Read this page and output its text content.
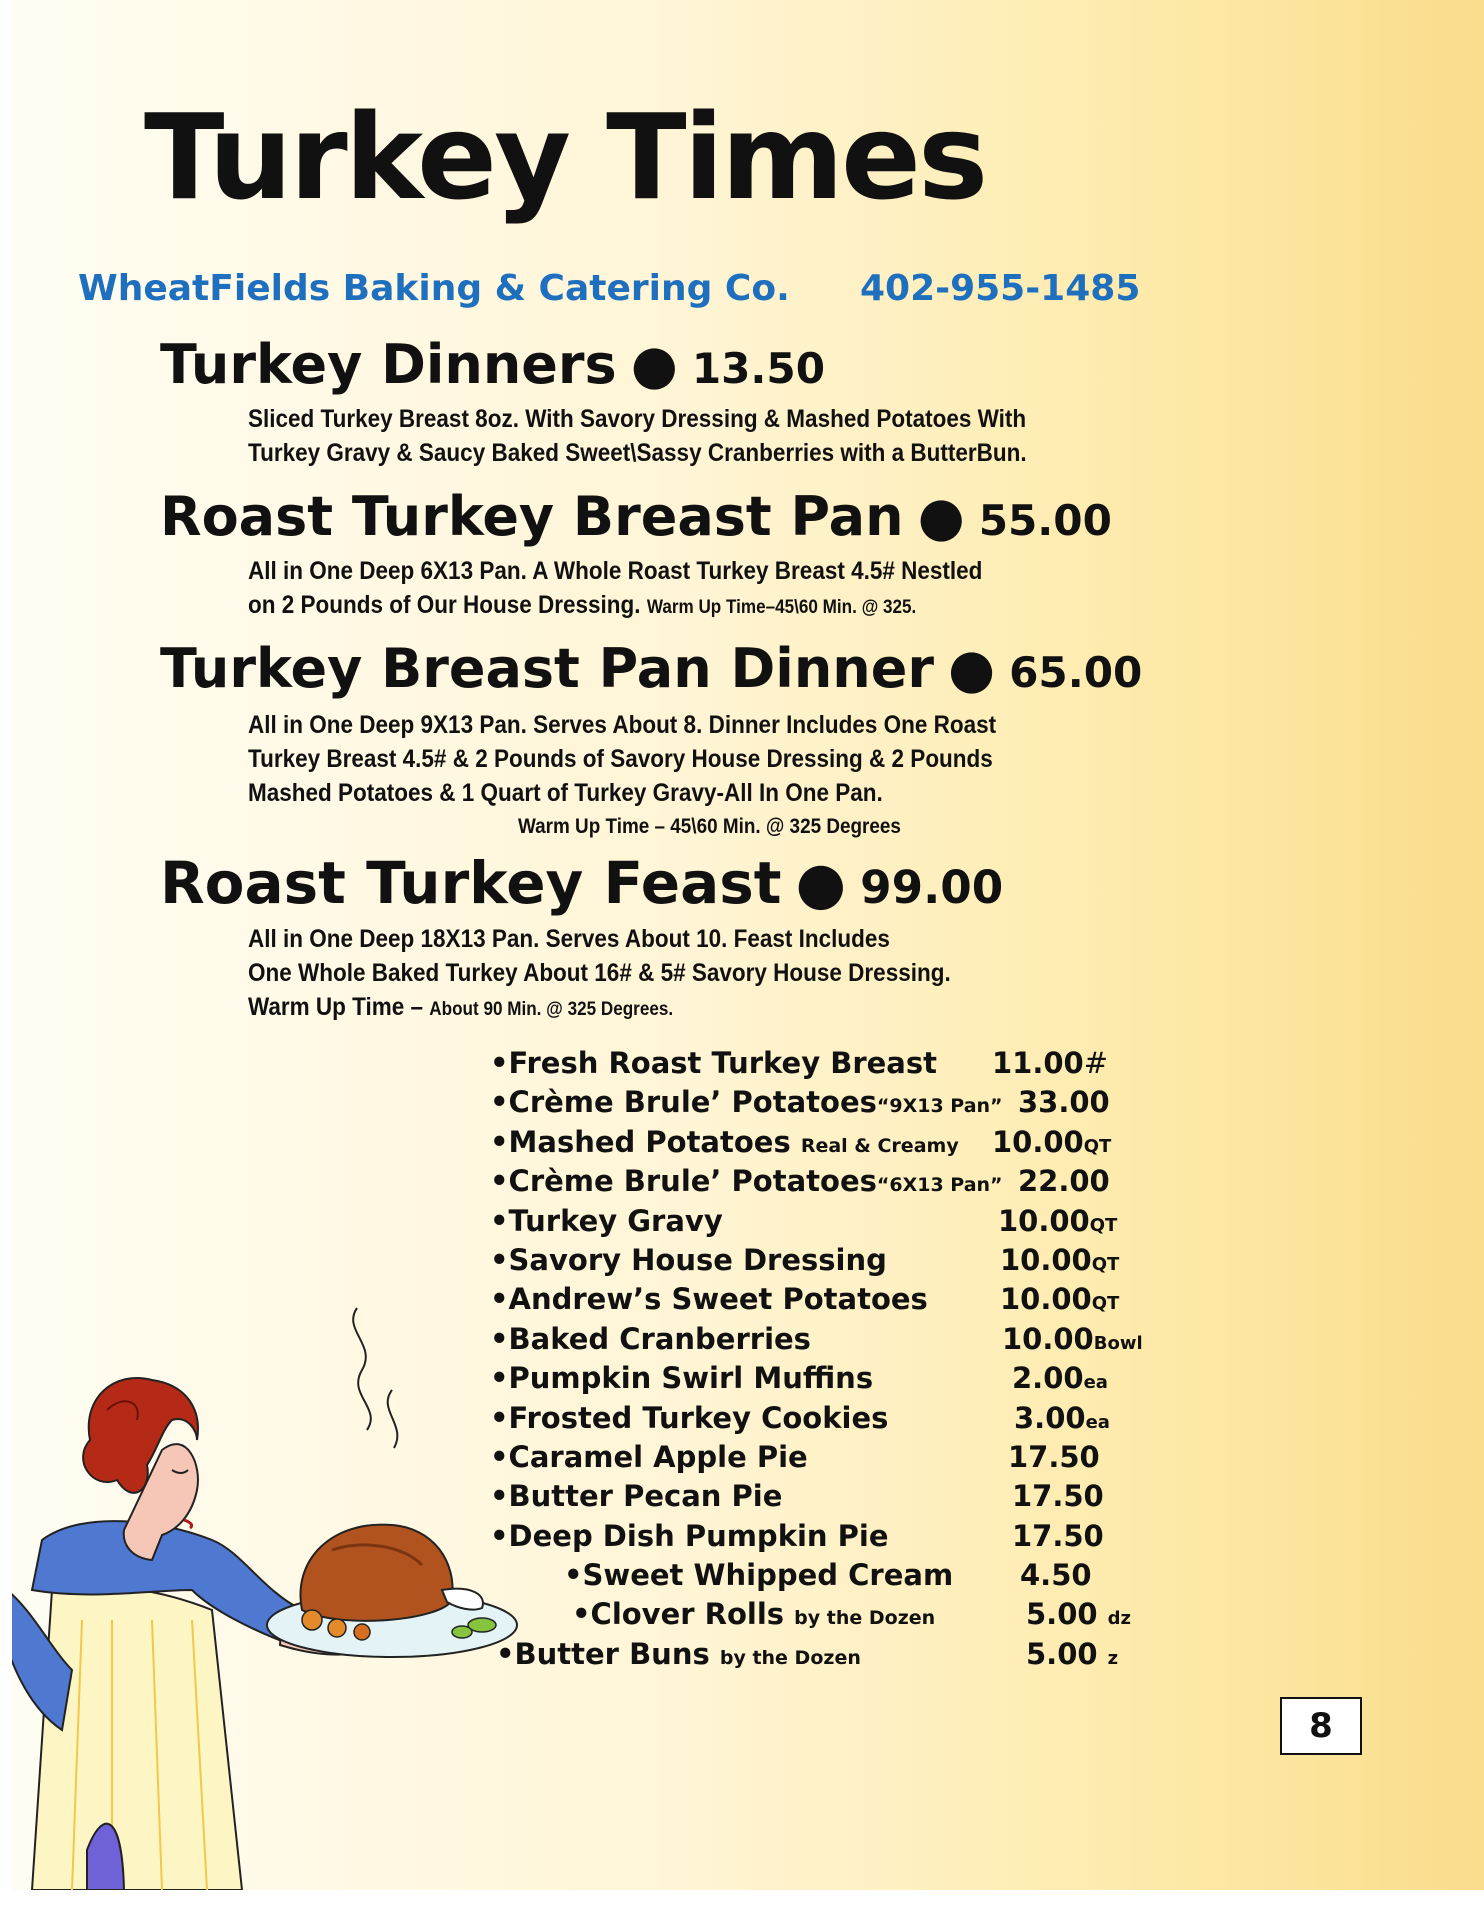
Turkey Times
WheatFields Baking & Catering Co. 402-955-1485
Turkey Dinners ● 13.50
Sliced Turkey Breast 8oz. With Savory Dressing & Mashed Potatoes With
Turkey Gravy & Saucy Baked Sweet\Sassy Cranberries with a ButterBun.
Roast Turkey Breast Pan ● 55.00
All in One Deep 6X13 Pan. A Whole Roast Turkey Breast 4.5# Nestled
on 2 Pounds of Our House Dressing. Warm Up Time–45\60 Min. @ 325.
Turkey Breast Pan Dinner ● 65.00
All in One Deep 9X13 Pan. Serves About 8. Dinner Includes One Roast
Turkey Breast 4.5# & 2 Pounds of Savory House Dressing & 2 Pounds
Mashed Potatoes & 1 Quart of Turkey Gravy-All In One Pan.
Warm Up Time – 45\60 Min. @ 325 Degrees
Roast Turkey Feast ● 99.00
All in One Deep 18X13 Pan. Serves About 10. Feast Includes
One Whole Baked Turkey About 16# & 5# Savory House Dressing.
Warm Up Time – About 90 Min. @ 325 Degrees.
•Fresh Roast Turkey Breast 11.00#
•Crème Brule’ Potatoes“9X13 Pan” 33.00
•Mashed Potatoes Real & Creamy 10.00QT
•Crème Brule’ Potatoes“6X13 Pan” 22.00
•Turkey Gravy	10.00QT
•Savory House Dressing	10.00QT
•Andrew’s Sweet Potatoes 10.00QT
•Baked Cranberries	10.00Bowl
•Pumpkin Swirl Muffins	2.00ea
•Frosted Turkey Cookies	3.00ea
•Caramel Apple Pie	17.50
•Butter Pecan Pie	17.50
•Deep Dish Pumpkin Pie	17.50
•Sweet Whipped Cream 4.50
•Clover Rolls by the Dozen	5.00 dz
•Butter Buns by the Dozen	5.00 z
8
